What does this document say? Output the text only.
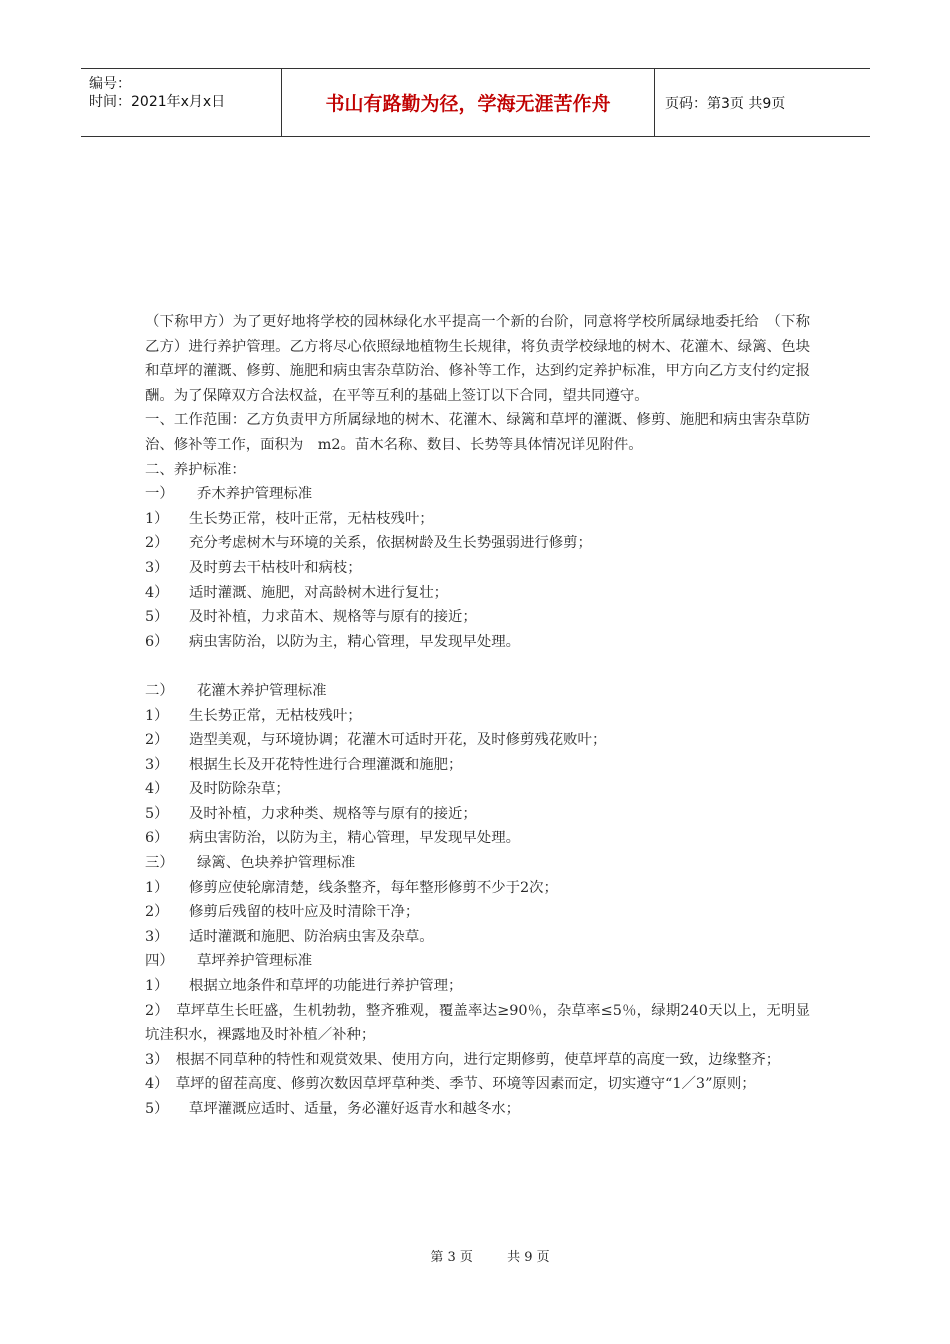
编号：
时间：2021年x月x日	书山有路勤为径，学海无涯苦作舟	页码：第3页 共9页

（下称甲方）为了更好地将学校的园林绿化水平提高一个新的台阶，同意将学校所属绿地委托给　（下称乙方）进行养护管理。乙方将尽心依照绿地植物生长规律，将负责学校绿地的树木、花灌木、绿篱、色块和草坪的灌溉、修剪、施肥和病虫害杂草防治、修补等工作，达到约定养护标准，甲方向乙方支付约定报酬。为了保障双方合法权益，在平等互利的基础上签订以下合同，望共同遵守。

一、工作范围：乙方负责甲方所属绿地的树木、花灌木、绿篱和草坪的灌溉、修剪、施肥和病虫害杂草防治、修补等工作，面积为　m2。苗木名称、数目、长势等具体情况详见附件。

二、养护标准：

一） 乔木养护管理标准

1） 生长势正常，枝叶正常，无枯枝残叶；

2） 充分考虑树木与环境的关系，依据树龄及生长势强弱进行修剪；

3） 及时剪去干枯枝叶和病枝；

4） 适时灌溉、施肥，对高龄树木进行复壮；

5） 及时补植，力求苗木、规格等与原有的接近；

6） 病虫害防治，以防为主，精心管理，早发现早处理。

二） 花灌木养护管理标准

1） 生长势正常，无枯枝残叶；

2） 造型美观，与环境协调；花灌木可适时开花，及时修剪残花败叶；

3） 根据生长及开花特性进行合理灌溉和施肥；

4） 及时防除杂草；

5） 及时补植，力求种类、规格等与原有的接近；

6） 病虫害防治，以防为主，精心管理，早发现早处理。

三） 绿篱、色块养护管理标准

1） 修剪应使轮廓清楚，线条整齐，每年整形修剪不少于2次；

2） 修剪后残留的枝叶应及时清除干净；

3） 适时灌溉和施肥、防治病虫害及杂草。

四） 草坪养护管理标准

1） 根据立地条件和草坪的功能进行养护管理；

2）　草坪草生长旺盛，生机勃勃，整齐雅观，覆盖率达≥90％，杂草率≤5％，绿期240天以上，无明显坑洼积水，裸露地及时补植／补种；

3）　根据不同草种的特性和观赏效果、使用方向，进行定期修剪，使草坪草的高度一致，边缘整齐；

4）　草坪的留茬高度、修剪次数因草坪草种类、季节、环境等因素而定，切实遵守“1／3”原则；

5） 草坪灌溉应适时、适量，务必灌好返青水和越冬水；

第 3 页	共 9 页
